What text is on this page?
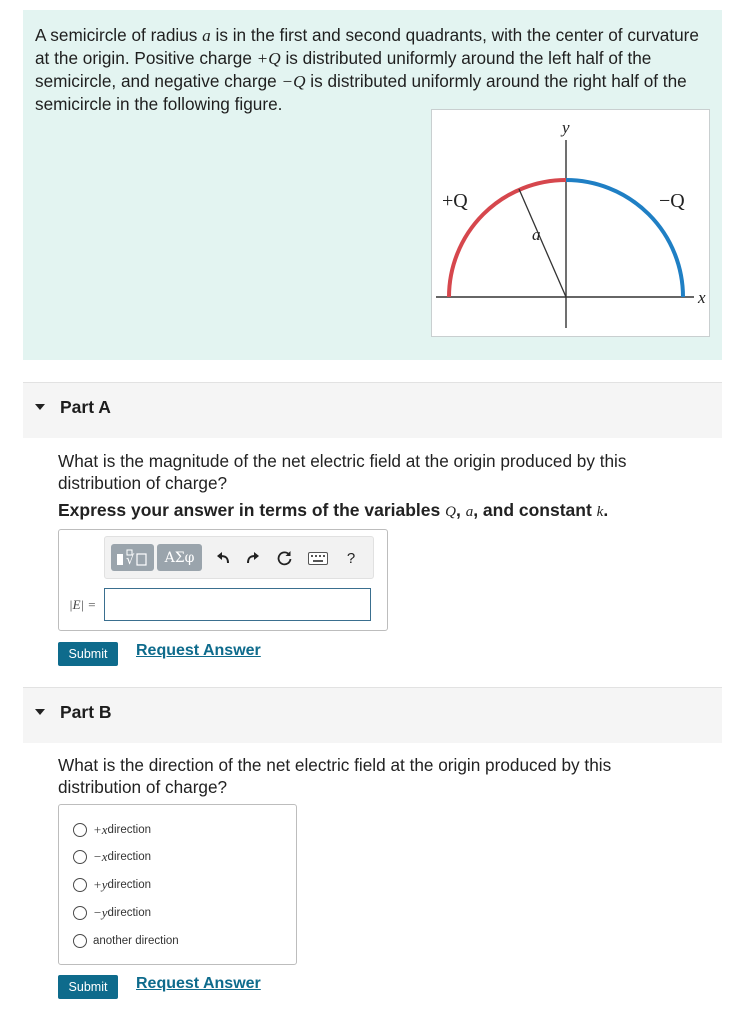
A semicircle of radius a is in the first and second quadrants, with the center of curvature at the origin. Positive charge +Q is distributed uniformly around the left half of the semicircle, and negative charge −Q is distributed uniformly around the right half of the semicircle in the following figure.
+Q	−Q
a
y
x
Part A
What is the magnitude of the net electric field at the origin produced by this distribution of charge?
Express your answer in terms of the variables Q, a, and constant k.
√	ΑΣφ	?
|E| =
Submit	Request Answer
Part B
What is the direction of the net electric field at the origin produced by this distribution of charge?
+x direction
−x direction
+y direction
−y direction
another direction
Submit	Request Answer
